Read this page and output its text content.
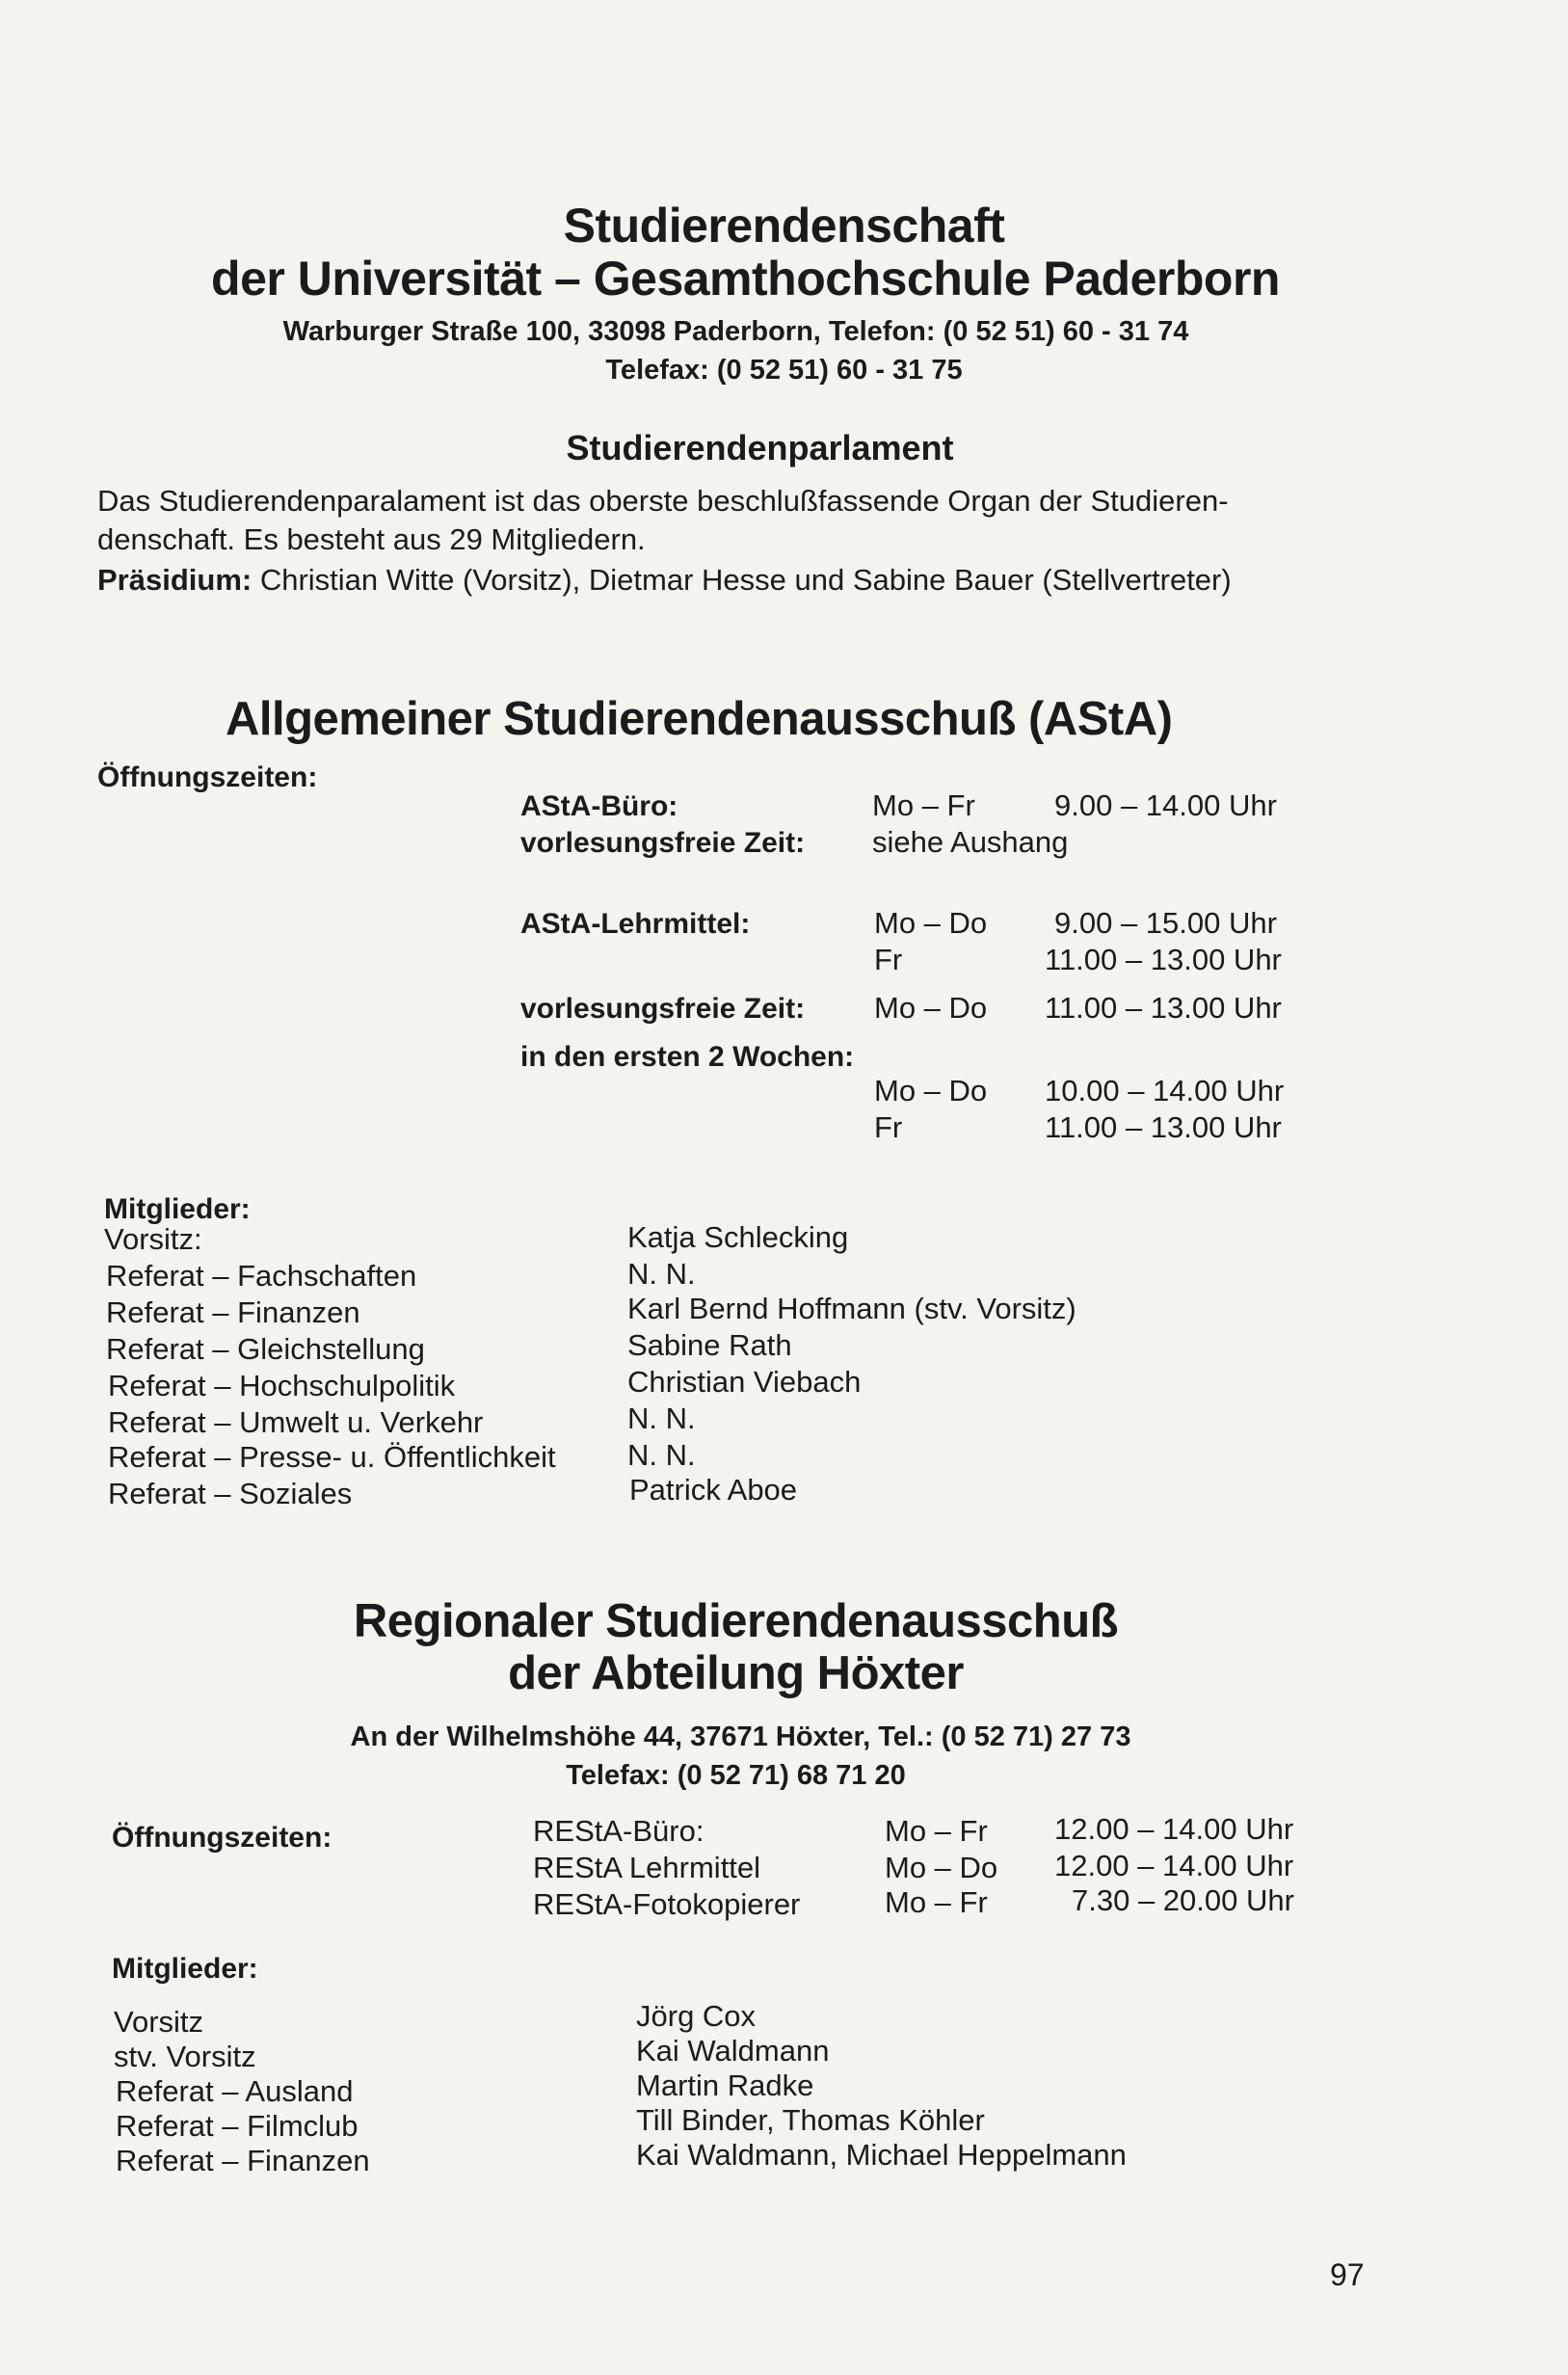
Studierendenschaft
der Universität – Gesamthochschule Paderborn
Warburger Straße 100, 33098 Paderborn, Telefon: (0 52 51) 60 - 31 74
Telefax: (0 52 51) 60 - 31 75
Studierendenparlament
Das Studierendenparalament ist das oberste beschlußfassende Organ der Studieren-
denschaft. Es besteht aus 29 Mitgliedern.
Präsidium: Christian Witte (Vorsitz), Dietmar Hesse und Sabine Bauer (Stellvertreter)
Allgemeiner Studierendenausschuß (AStA)
Öffnungszeiten:
AStA-Büro:	Mo – Fr	9.00 – 14.00 Uhr
vorlesungsfreie Zeit: siehe Aushang
AStA-Lehrmittel:	Mo – Do 9.00 – 15.00 Uhr
Fr	11.00 – 13.00 Uhr
vorlesungsfreie Zeit: Mo – Do 11.00 – 13.00 Uhr
in den ersten 2 Wochen:
Mo – Do 10.00 – 14.00 Uhr
Fr	11.00 – 13.00 Uhr
Mitglieder:
Vorsitz:	Katja Schlecking
Referat – Fachschaften	N. N.
Referat – Finanzen	Karl Bernd Hoffmann (stv. Vorsitz)
Referat – Gleichstellung	Sabine Rath
Referat – Hochschulpolitik	Christian Viebach
Referat – Umwelt u. Verkehr	N. N.
Referat – Presse- u. Öffentlichkeit N. N.
Referat – Soziales	Patrick Aboe
Regionaler Studierendenausschuß
der Abteilung Höxter
An der Wilhelmshöhe 44, 37671 Höxter, Tel.: (0 52 71) 27 73
Telefax: (0 52 71) 68 71 20
Öffnungszeiten:	REStA-Büro:	Mo – Fr 12.00 – 14.00 Uhr
REStA Lehrmittel	Mo – Do 12.00 – 14.00 Uhr
REStA-Fotokopierer	Mo – Fr	7.30 – 20.00 Uhr
Mitglieder:
Vorsitz	Jörg Cox
stv. Vorsitz	Kai Waldmann
Referat – Ausland	Martin Radke
Referat – Filmclub	Till Binder, Thomas Köhler
Referat – Finanzen	Kai Waldmann, Michael Heppelmann
97
